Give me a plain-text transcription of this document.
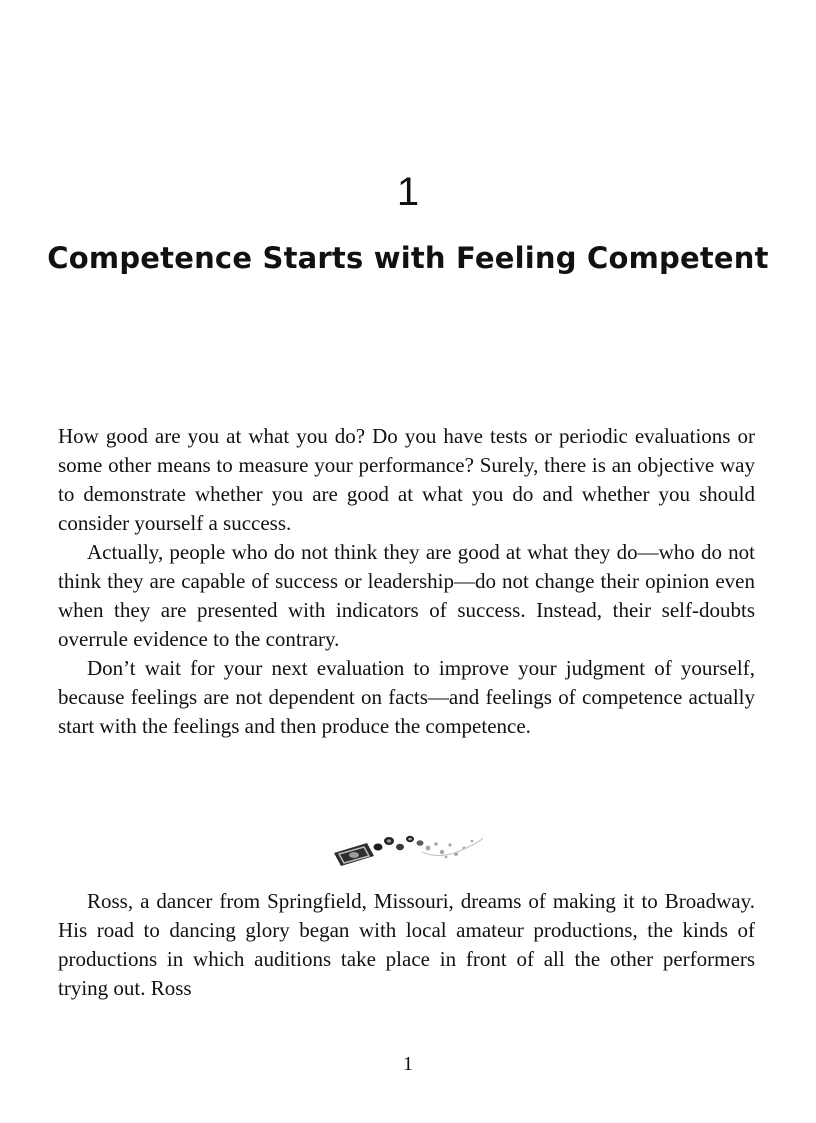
1
Competence Starts with Feeling Competent

How good are you at what you do? Do you have tests or periodic evaluations or some other means to measure your performance? Surely, there is an objective way to demonstrate whether you are good at what you do and whether you should consider yourself a success.

Actually, people who do not think they are good at what they do—who do not think they are capable of success or leadership—do not change their opinion even when they are presented with indicators of success. Instead, their self-doubts overrule evidence to the contrary.

Don’t wait for your next evaluation to improve your judgment of yourself, because feelings are not dependent on facts—and feelings of competence actually start with the feelings and then produce the competence.

Ross, a dancer from Springfield, Missouri, dreams of making it to Broadway. His road to dancing glory began with local amateur productions, the kinds of productions in which auditions take place in front of all the other performers trying out. Ross

1
